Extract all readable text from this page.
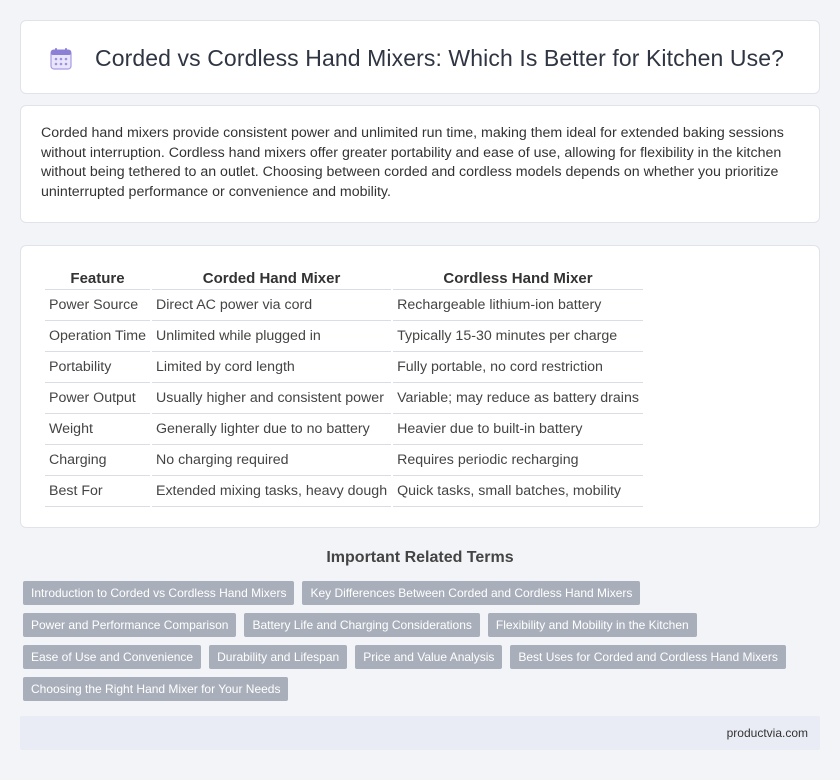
Corded vs Cordless Hand Mixers: Which Is Better for Kitchen Use?

Corded hand mixers provide consistent power and unlimited run time, making them ideal for extended baking sessions without interruption. Cordless hand mixers offer greater portability and ease of use, allowing for flexibility in the kitchen without being tethered to an outlet. Choosing between corded and cordless models depends on whether you prioritize uninterrupted performance or convenience and mobility.

Feature	Corded Hand Mixer	Cordless Hand Mixer
Power Source	Direct AC power via cord	Rechargeable lithium-ion battery
Operation Time	Unlimited while plugged in	Typically 15-30 minutes per charge
Portability	Limited by cord length	Fully portable, no cord restriction
Power Output	Usually higher and consistent power	Variable; may reduce as battery drains
Weight	Generally lighter due to no battery	Heavier due to built-in battery
Charging	No charging required	Requires periodic recharging
Best For	Extended mixing tasks, heavy dough	Quick tasks, small batches, mobility
Important Related Terms
Introduction to Corded vs Cordless Hand Mixers	Key Differences Between Corded and Cordless Hand Mixers
Power and Performance Comparison	Battery Life and Charging Considerations	Flexibility and Mobility in the Kitchen
Ease of Use and Convenience	Durability and Lifespan	Price and Value Analysis	Best Uses for Corded and Cordless Hand Mixers
Choosing the Right Hand Mixer for Your Needs
productvia.com
